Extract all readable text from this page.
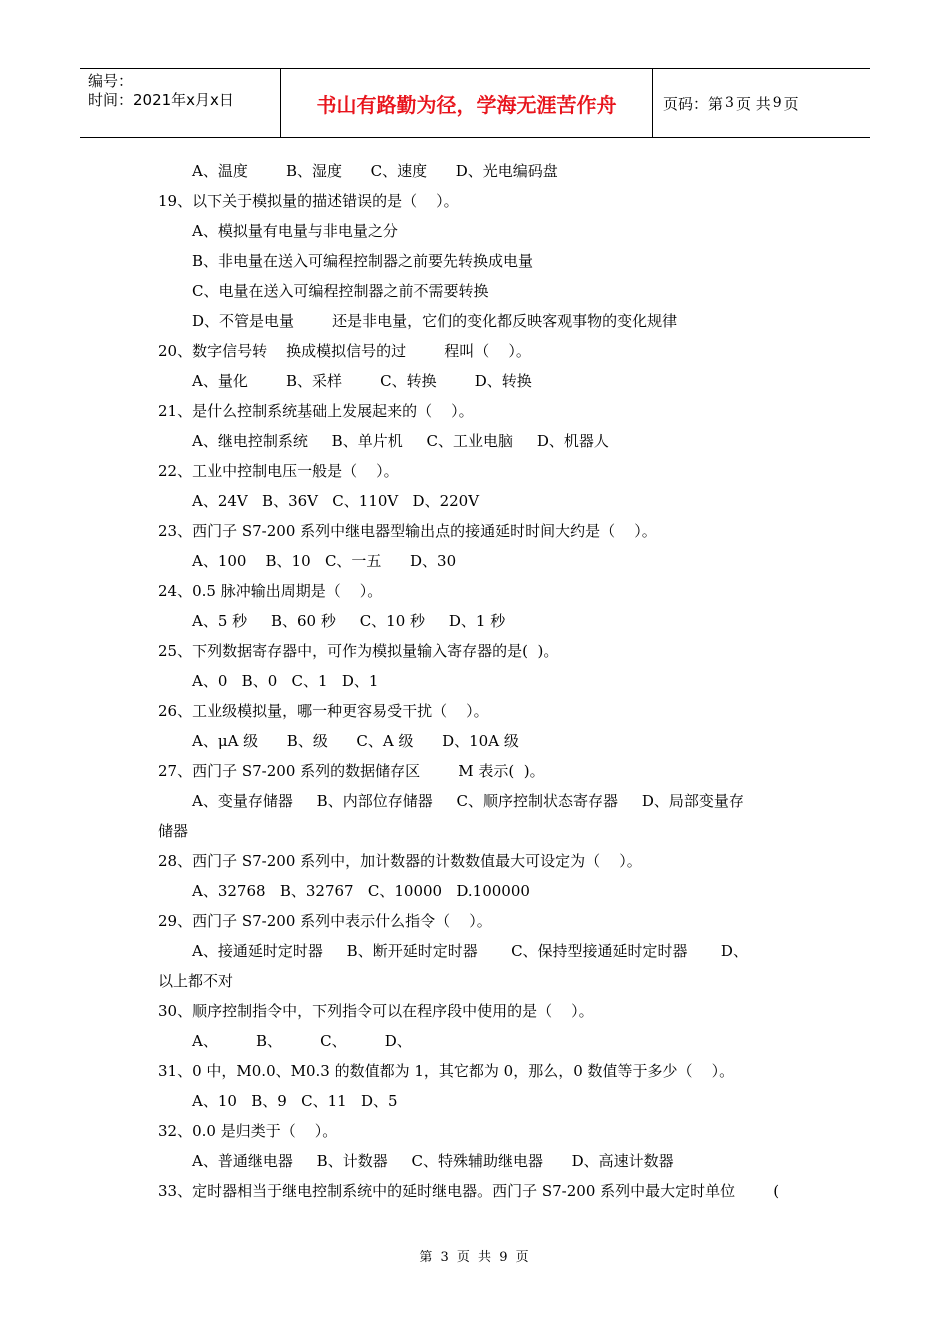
编号：
时间：2021年x月x日	书山有路勤为径，学海无涯苦作舟	页码：第 3 页 共 9 页
A、温度        B、湿度      C、速度      D、光电编码盘
19、以下关于模拟量的描述错误的是（    ）。
A、模拟量有电量与非电量之分
B、非电量在送入可编程控制器之前要先转换成电量
C、电量在送入可编程控制器之前不需要转换
D、不管是电量        还是非电量，它们的变化都反映客观事物的变化规律
20、数字信号转    换成模拟信号的过        程叫（    ）。
A、量化        B、采样        C、转换        D、转换
21、是什么控制系统基础上发展起来的（    ）。
A、继电控制系统     B、单片机     C、工业电脑     D、机器人
22、工业中控制电压一般是（    ）。
A、24V   B、36V   C、110V   D、220V
23、西门子 S7-200 系列中继电器型输出点的接通延时时间大约是（    ）。
A、100    B、10   C、一五      D、30
24、0.5 脉冲输出周期是（    ）。
A、5 秒     B、60 秒     C、10 秒     D、1 秒
25、下列数据寄存器中，可作为模拟量输入寄存器的是(  )。
A、0   B、0   C、1   D、1
26、工业级模拟量，哪一种更容易受干扰（    ）。
A、μA 级      B、级      C、A 级      D、10A 级
27、西门子 S7-200 系列的数据储存区        M 表示(  )。
A、变量存储器     B、内部位存储器     C、顺序控制状态寄存器     D、局部变量存
储器
28、西门子 S7-200 系列中，加计数器的计数数值最大可设定为（    ）。
A、32768   B、32767   C、10000   D.100000
29、西门子 S7-200 系列中表示什么指令（    ）。
A、接通延时定时器     B、断开延时定时器       C、保持型接通延时定时器       D、
以上都不对
30、顺序控制指令中，下列指令可以在程序段中使用的是（    ）。
A、        B、        C、        D、
31、0 中，M0.0、M0.3 的数值都为 1，其它都为 0，那么，0 数值等于多少（    ）。
A、10   B、9   C、11   D、5
32、0.0 是归类于（    ）。
A、普通继电器     B、计数器     C、特殊辅助继电器      D、高速计数器
33、定时器相当于继电控制系统中的延时继电器。西门子 S7-200 系列中最大定时单位        (
第 3 页 共 9 页
